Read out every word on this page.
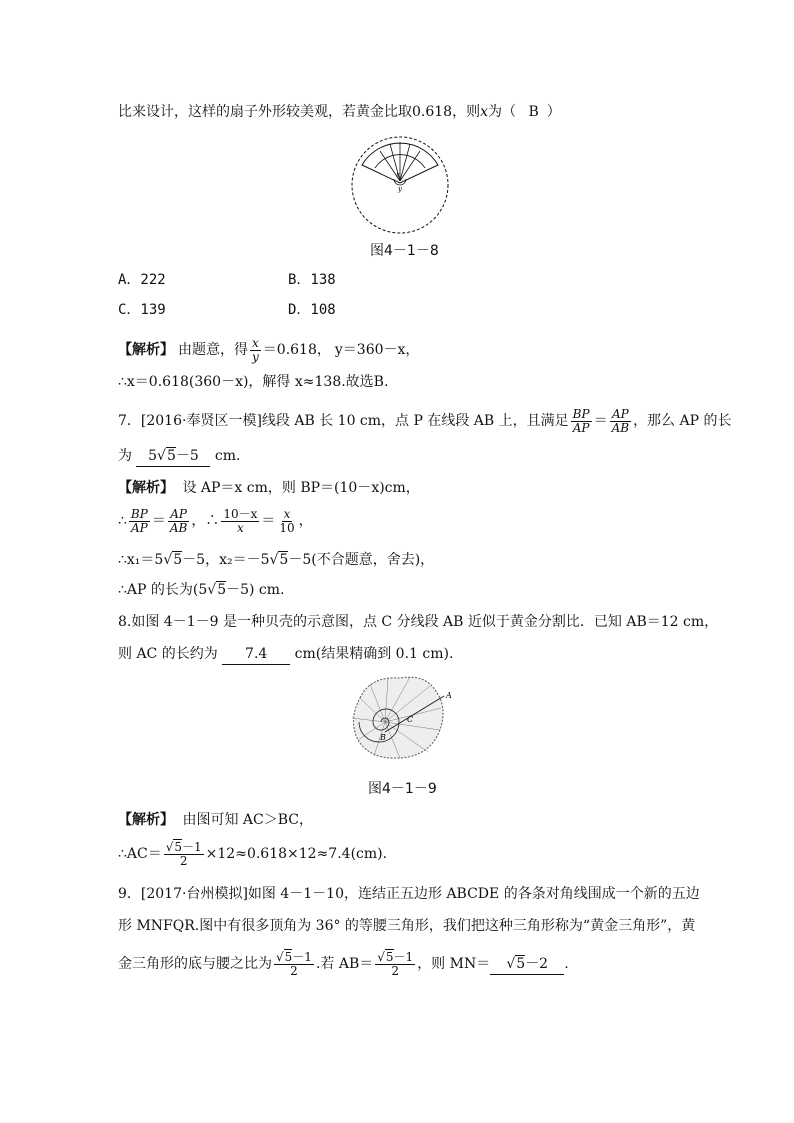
比来设计，这样的扇子外形较美观，若黄金比取0.618，则x为（ B ）
x
y
图4－1－8
A．222	B．138
C．139	D．108
【解析】 由题意，得 $\frac{x}{y} =0.618$， y＝360－x，
∴x＝0.618(360－x)，解得 x≈138.故选B.
7．[2016·奉贤区一模]线段 AB 长 10 cm，点 P 在线段 AB 上，且满足 $\frac{BP}{AP} = \frac{AP}{AB}$ ，那么 AP 的长
为 5√5－5 cm.
【解析】 设 AP＝x cm，则 BP＝(10－x)cm，
∴ $\frac{BP}{AP} = \frac{AP}{AB}$ ，∴ $\frac{10-x}{x} = \frac{x}{10}$ ，
∴x₁＝5√5－5，x₂＝－5√5－5(不合题意，舍去)，
∴AP 的长为(5√5－5) cm.
8.如图 4－1－9 是一种贝壳的示意图，点 C 分线段 AB 近似于黄金分割比．已知 AB＝12 cm，
则 AC 的长约为 7.4 cm(结果精确到 0.1 cm).
A
B
C
图4－1－9
【解析】 由图可知 AC＞BC，
∴AC＝ $\frac{√5-1}{2} \times 12\approx 0.618\times 12\approx 7.4(cm)$.
9．[2017·台州模拟]如图 4－1－10，连结正五边形 ABCDE 的各条对角线围成一个新的五边
形 MNFQR.图中有很多顶角为 36° 的等腰三角形，我们把这种三角形称为“黄金三角形”，黄
金三角形的底与腰之比为 $\frac{√5-1}{2}$ .若 $AB= \frac{√5-1}{2}$ ，则 MN＝	√5－2	.
